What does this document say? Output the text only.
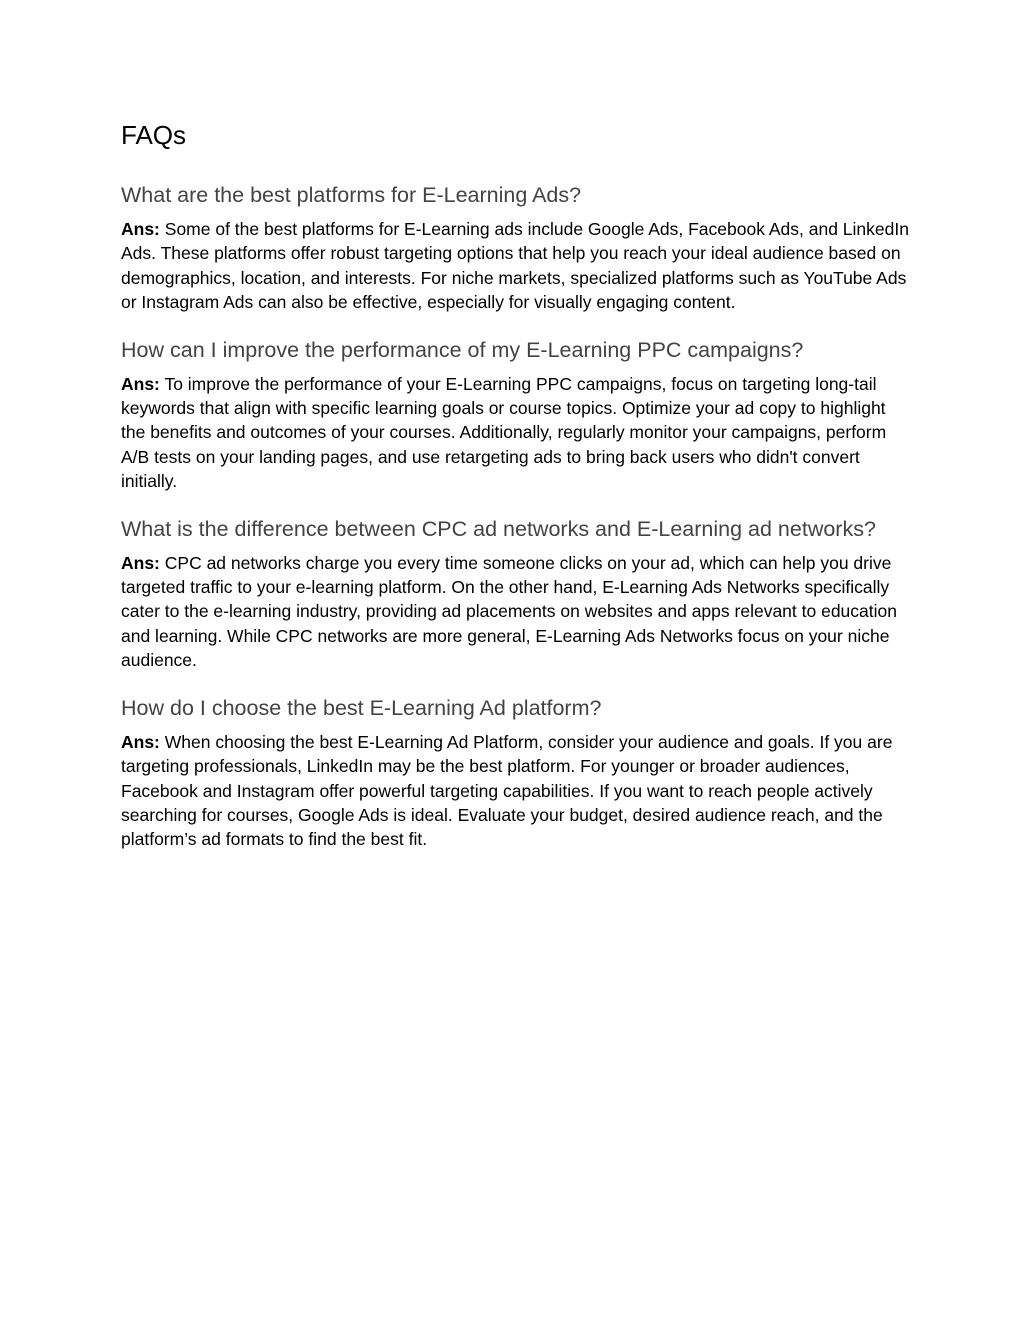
FAQs
What are the best platforms for E-Learning Ads?

Ans: Some of the best platforms for E-Learning ads include Google Ads, Facebook Ads, and LinkedIn Ads. These platforms offer robust targeting options that help you reach your ideal audience based on demographics, location, and interests. For niche markets, specialized platforms such as YouTube Ads or Instagram Ads can also be effective, especially for visually engaging content.

How can I improve the performance of my E-Learning PPC campaigns?

Ans: To improve the performance of your E-Learning PPC campaigns, focus on targeting long-tail keywords that align with specific learning goals or course topics. Optimize your ad copy to highlight the benefits and outcomes of your courses. Additionally, regularly monitor your campaigns, perform A/B tests on your landing pages, and use retargeting ads to bring back users who didn't convert initially.

What is the difference between CPC ad networks and E-Learning ad networks?

Ans: CPC ad networks charge you every time someone clicks on your ad, which can help you drive targeted traffic to your e-learning platform. On the other hand, E-Learning Ads Networks specifically cater to the e-learning industry, providing ad placements on websites and apps relevant to education and learning. While CPC networks are more general, E-Learning Ads Networks focus on your niche audience.

How do I choose the best E-Learning Ad platform?

Ans: When choosing the best E-Learning Ad Platform, consider your audience and goals. If you are targeting professionals, LinkedIn may be the best platform. For younger or broader audiences, Facebook and Instagram offer powerful targeting capabilities. If you want to reach people actively searching for courses, Google Ads is ideal. Evaluate your budget, desired audience reach, and the platform’s ad formats to find the best fit.
